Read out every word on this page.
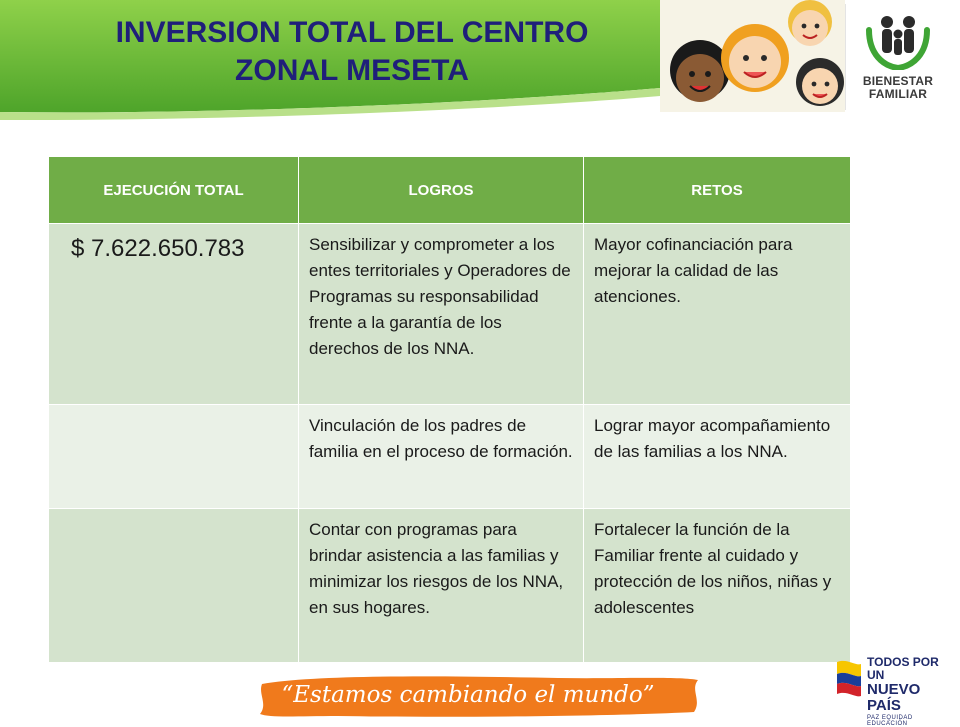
INVERSION TOTAL DEL CENTRO
ZONAL MESETA	BIENESTAR
FAMILIAR
EJECUCIÓN TOTAL	LOGROS	RETOS
$ 7.622.650.783	Sensibilizar y comprometer a los entes territoriales y Operadores de Programas su responsabilidad frente a la garantía de los derechos de los NNA.	Mayor cofinanciación para mejorar la calidad de las atenciones.
	Vinculación de los padres de familia en el proceso de formación.	Lograr mayor acompañamiento de las familias a los NNA.
	Contar con programas para brindar asistencia a las familias y minimizar los riesgos de los NNA, en sus hogares.	Fortalecer la función de la Familiar frente al cuidado y protección de los niños, niñas y adolescentes
“Estamos cambiando el mundo”
TODOS POR UN
NUEVO PAÍS
PAZ EQUIDAD EDUCACIÓN
